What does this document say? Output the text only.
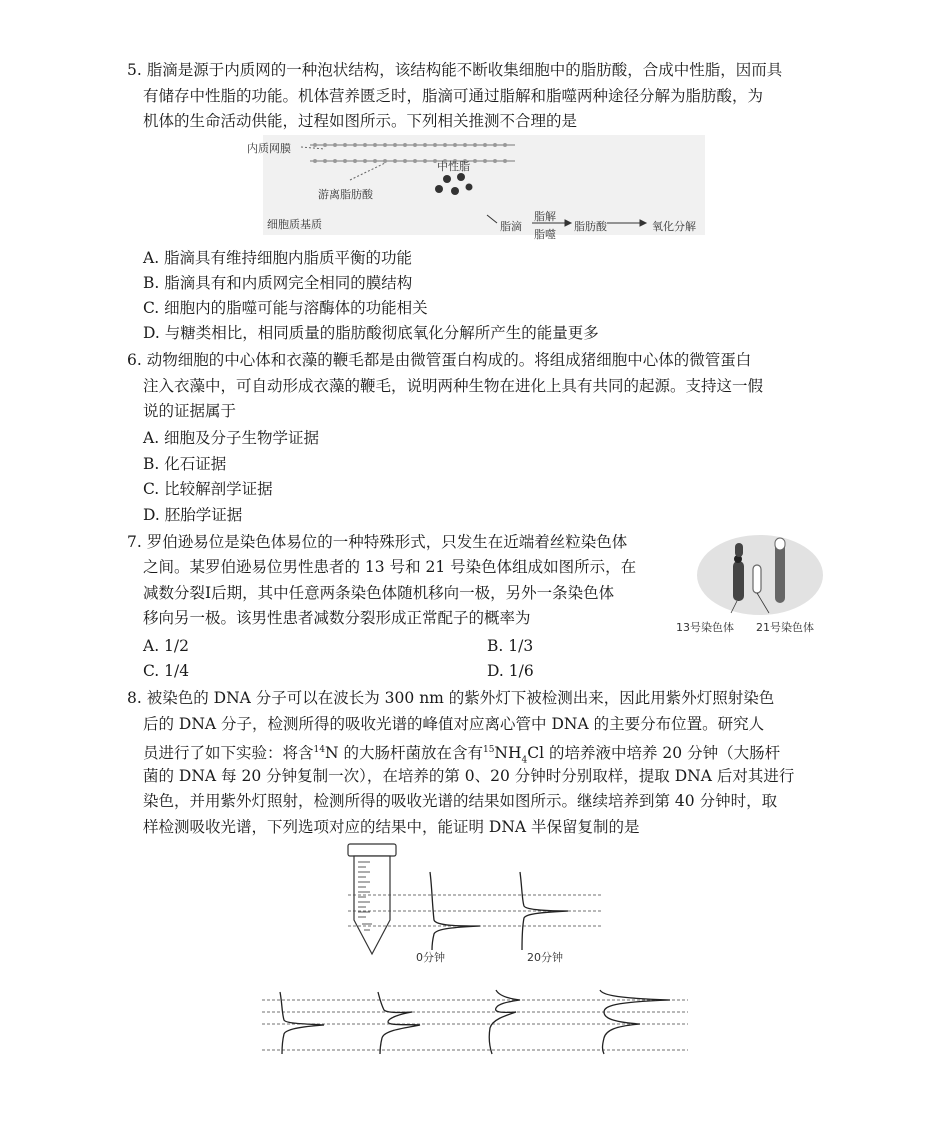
5. 脂滴是源于内质网的一种泡状结构，该结构能不断收集细胞中的脂肪酸，合成中性脂，因而具
有储存中性脂的功能。机体营养匮乏时，脂滴可通过脂解和脂噬两种途径分解为脂肪酸，为
机体的生命活动供能，过程如图所示。下列相关推测不合理的是
内质网膜
游离脂肪酸
中性脂
细胞质基质	脂滴
脂解
脂噬
脂肪酸	氧化分解
A. 脂滴具有维持细胞内脂质平衡的功能
B. 脂滴具有和内质网完全相同的膜结构
C. 细胞内的脂噬可能与溶酶体的功能相关
D. 与糖类相比，相同质量的脂肪酸彻底氧化分解所产生的能量更多
6. 动物细胞的中心体和衣藻的鞭毛都是由微管蛋白构成的。将组成猪细胞中心体的微管蛋白
注入衣藻中，可自动形成衣藻的鞭毛，说明两种生物在进化上具有共同的起源。支持这一假
说的证据属于
A. 细胞及分子生物学证据
B. 化石证据
C. 比较解剖学证据
D. 胚胎学证据
7. 罗伯逊易位是染色体易位的一种特殊形式，只发生在近端着丝粒染色体
之间。某罗伯逊易位男性患者的 13 号和 21 号染色体组成如图所示，在
减数分裂Ⅰ后期，其中任意两条染色体随机移向一极，另外一条染色体
移向另一极。该男性患者减数分裂形成正常配子的概率为
13号染色体 21号染色体
A. 1/2	B. 1/3
C. 1/4	D. 1/6
8. 被染色的 DNA 分子可以在波长为 300 nm 的紫外灯下被检测出来，因此用紫外灯照射染色
后的 DNA 分子，检测所得的吸收光谱的峰值对应离心管中 DNA 的主要分布位置。研究人
员进行了如下实验：将含$^{14}$N 的大肠杆菌放在含有$^{15}NH_4Cl$ 的培养液中培养 20 分钟（大肠杆
菌的 DNA 每 20 分钟复制一次），在培养的第 0、20 分钟时分别取样，提取 DNA 后对其进行
染色，并用紫外灯照射，检测所得的吸收光谱的结果如图所示。继续培养到第 40 分钟时，取
样检测吸收光谱，下列选项对应的结果中，能证明 DNA 半保留复制的是
0分钟	20分钟
